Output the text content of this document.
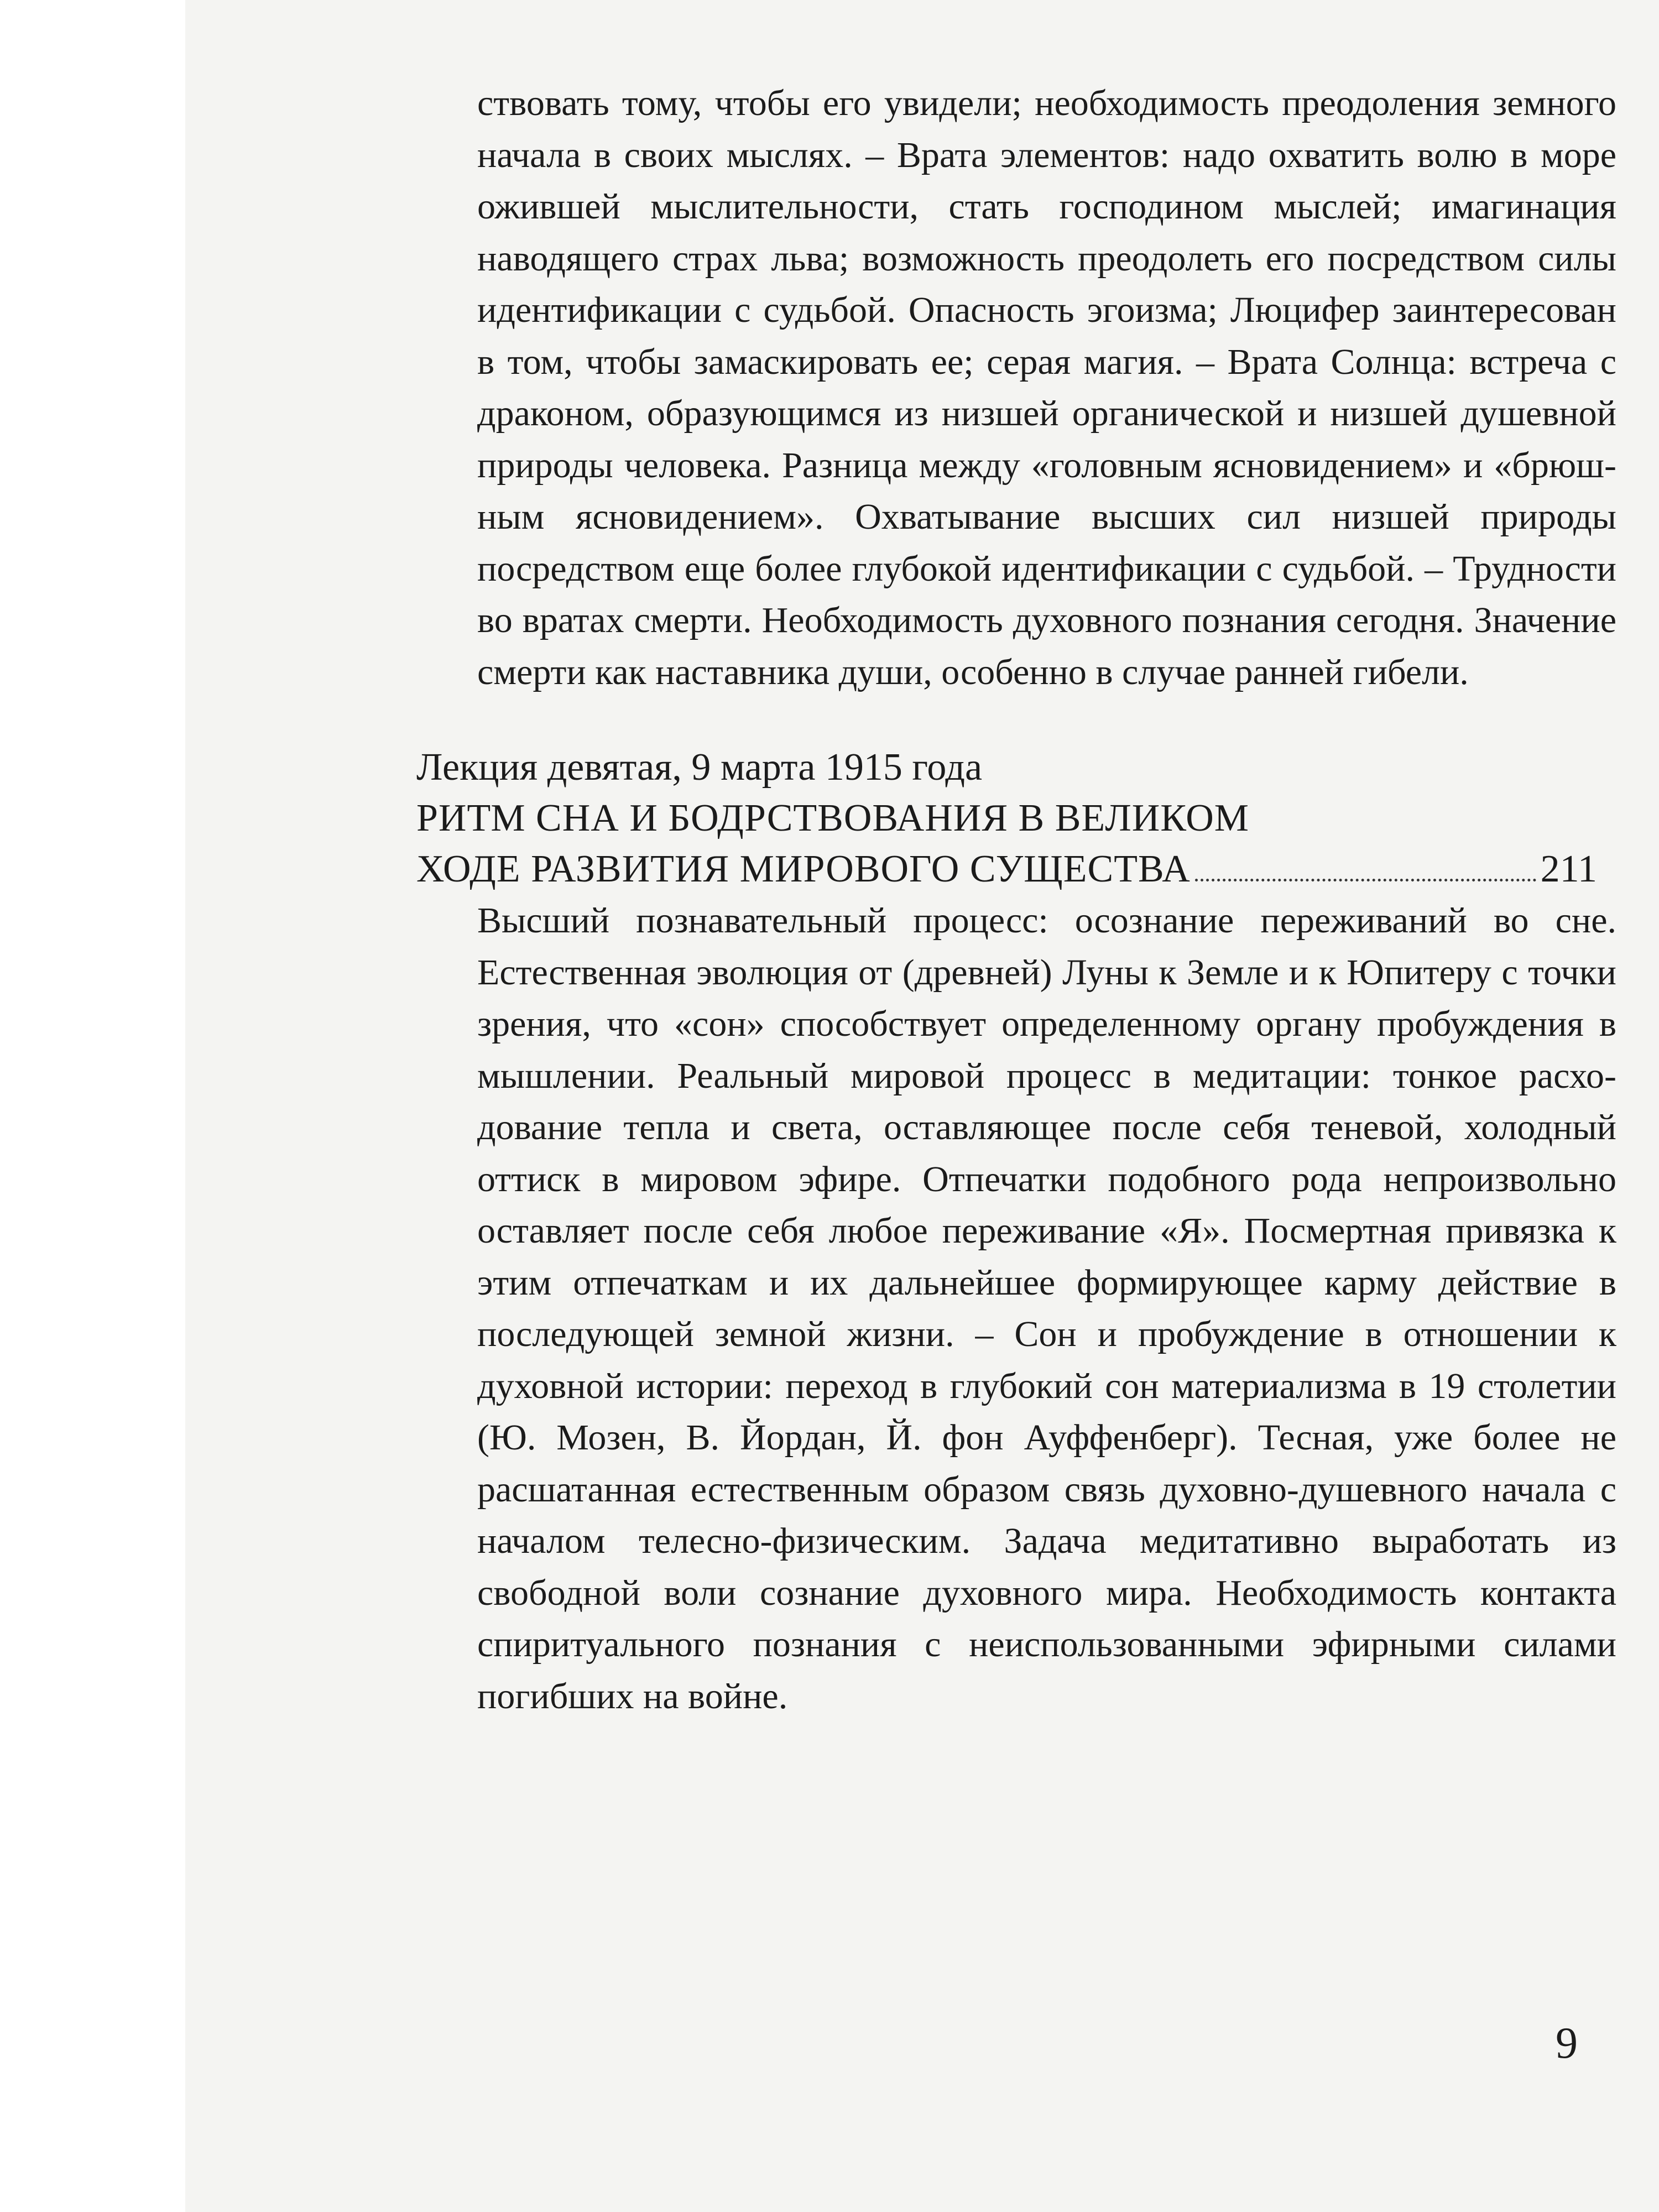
ствовать тому, чтобы его увидели; необходимость преодоления земного начала в своих мыслях. – Врата элементов: надо охватить волю в море ожившей мыслительности, стать господином мыслей; имагинация наводящего страх льва; возможность преодолеть его посредством силы идентификации с судьбой. Опасность эгоизма; Люцифер заинтересован в том, чтобы замаскировать ее; серая магия. – Врата Солнца: встреча с драконом, образующимся из низшей органической и низшей душевной природы человека. Разница между «головным ясновидением» и «брюшным ясновидением». Охватывание высших сил низшей природы посредством еще более глубокой идентификации с судьбой. – Трудности во вратах смерти. Необходимость духовного познания сегодня. Значение смерти как наставника души, особенно в случае ранней гибели.

Лекция девятая, 9 марта 1915 года
РИТМ СНА И БОДРСТВОВАНИЯ В ВЕЛИКОМ
ХОДЕ РАЗВИТИЯ МИРОВОГО СУЩЕСТВА	211

Высший познавательный процесс: осознание переживаний во сне. Естественная эволюция от (древней) Луны к Земле и к Юпитеру с точки зрения, что «сон» способствует определенному органу пробуждения в мышлении. Реальный мировой процесс в медитации: тонкое расходование тепла и света, оставляющее после себя теневой, холодный оттиск в мировом эфире. Отпечатки подобного рода непроизвольно оставляет после себя любое переживание «Я». Посмертная привязка к этим отпечаткам и их дальнейшее формирующее карму действие в последующей земной жизни. – Сон и пробуждение в отношении к духовной истории: переход в глубокий сон материализма в 19 столетии (Ю. Мозен, В. Йордан, Й. фон Ауффенберг). Тесная, уже более не расшатанная естественным образом связь духовно-душевного начала с началом телесно-физическим. Задача медитативно выработать из свободной воли сознание духовного мира. Необходимость контакта спиритуального познания с неиспользованными эфирными силами погибших на войне.

9
